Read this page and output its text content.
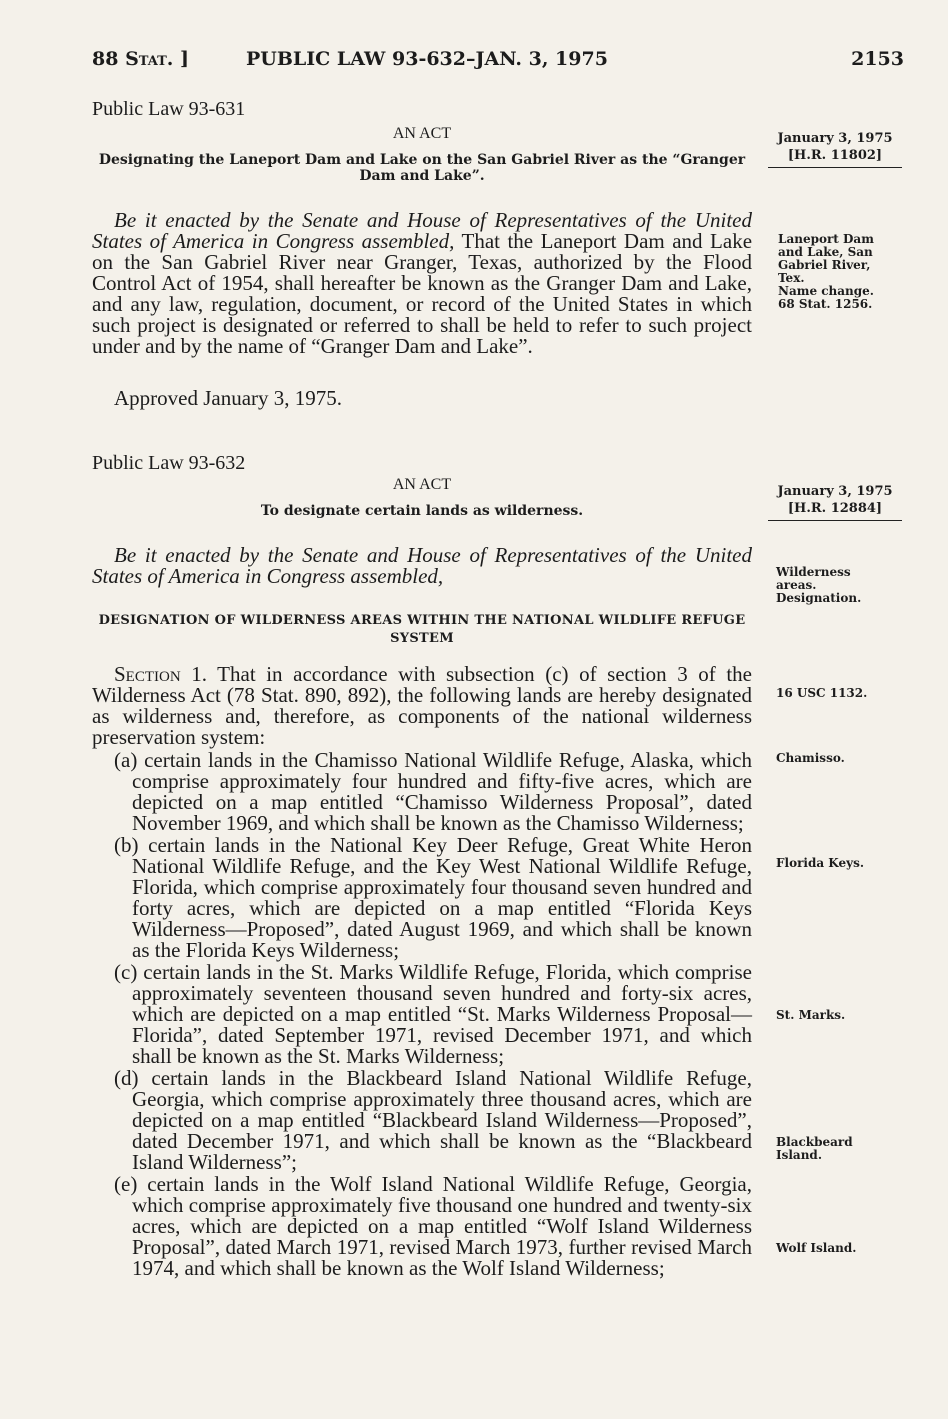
88 Stat. ]	PUBLIC LAW 93-632–JAN. 3, 1975	2153
Public Law 93-631
AN ACT
Designating the Laneport Dam and Lake on the San Gabriel River as the “Granger Dam and Lake”.
January 3, 1975
[H.R. 11802]
Be it enacted by the Senate and House of Representatives of the United States of America in Congress assembled, That the Laneport Dam and Lake on the San Gabriel River near Granger, Texas, authorized by the Flood Control Act of 1954, shall hereafter be known as the Granger Dam and Lake, and any law, regulation, document, or record of the United States in which such project is designated or referred to shall be held to refer to such project under and by the name of “Granger Dam and Lake”.
Laneport Dam
and Lake, San
Gabriel River,
Tex.
Name change.
68 Stat. 1256.
Approved January 3, 1975.
Public Law 93-632
AN ACT
To designate certain lands as wilderness.
January 3, 1975
[H.R. 12884]
Be it enacted by the Senate and House of Representatives of the United States of America in Congress assembled,	Wilderness
areas.
Designation.
DESIGNATION OF WILDERNESS AREAS WITHIN THE NATIONAL WILDLIFE REFUGE SYSTEM
Section 1. That in accordance with subsection (c) of section 3 of the Wilderness Act (78 Stat. 890, 892), the following lands are hereby designated as wilderness and, therefore, as components of the national wilderness preservation system:
(a) certain lands in the Chamisso National Wildlife Refuge, Alaska, which comprise approximately four hundred and fifty-five acres, which are depicted on a map entitled “Chamisso Wilderness Proposal”, dated November 1969, and which shall be known as the Chamisso Wilderness;
(b) certain lands in the National Key Deer Refuge, Great White Heron National Wildlife Refuge, and the Key West National Wildlife Refuge, Florida, which comprise approximately four thousand seven hundred and forty acres, which are depicted on a map entitled “Florida Keys Wilderness—Proposed”, dated August 1969, and which shall be known as the Florida Keys Wilderness;
(c) certain lands in the St. Marks Wildlife Refuge, Florida, which comprise approximately seventeen thousand seven hundred and forty-six acres, which are depicted on a map entitled “St. Marks Wilderness Proposal—Florida”, dated September 1971, revised December 1971, and which shall be known as the St. Marks Wilderness;
(d) certain lands in the Blackbeard Island National Wildlife Refuge, Georgia, which comprise approximately three thousand acres, which are depicted on a map entitled “Blackbeard Island Wilderness—Proposed”, dated December 1971, and which shall be known as the “Blackbeard Island Wilderness”;
(e) certain lands in the Wolf Island National Wildlife Refuge, Georgia, which comprise approximately five thousand one hundred and twenty-six acres, which are depicted on a map entitled “Wolf Island Wilderness Proposal”, dated March 1971, revised March 1973, further revised March 1974, and which shall be known as the Wolf Island Wilderness;
16 USC 1132.
Chamisso.
Florida Keys.
St. Marks.
Blackbeard
Island.
Wolf Island.
